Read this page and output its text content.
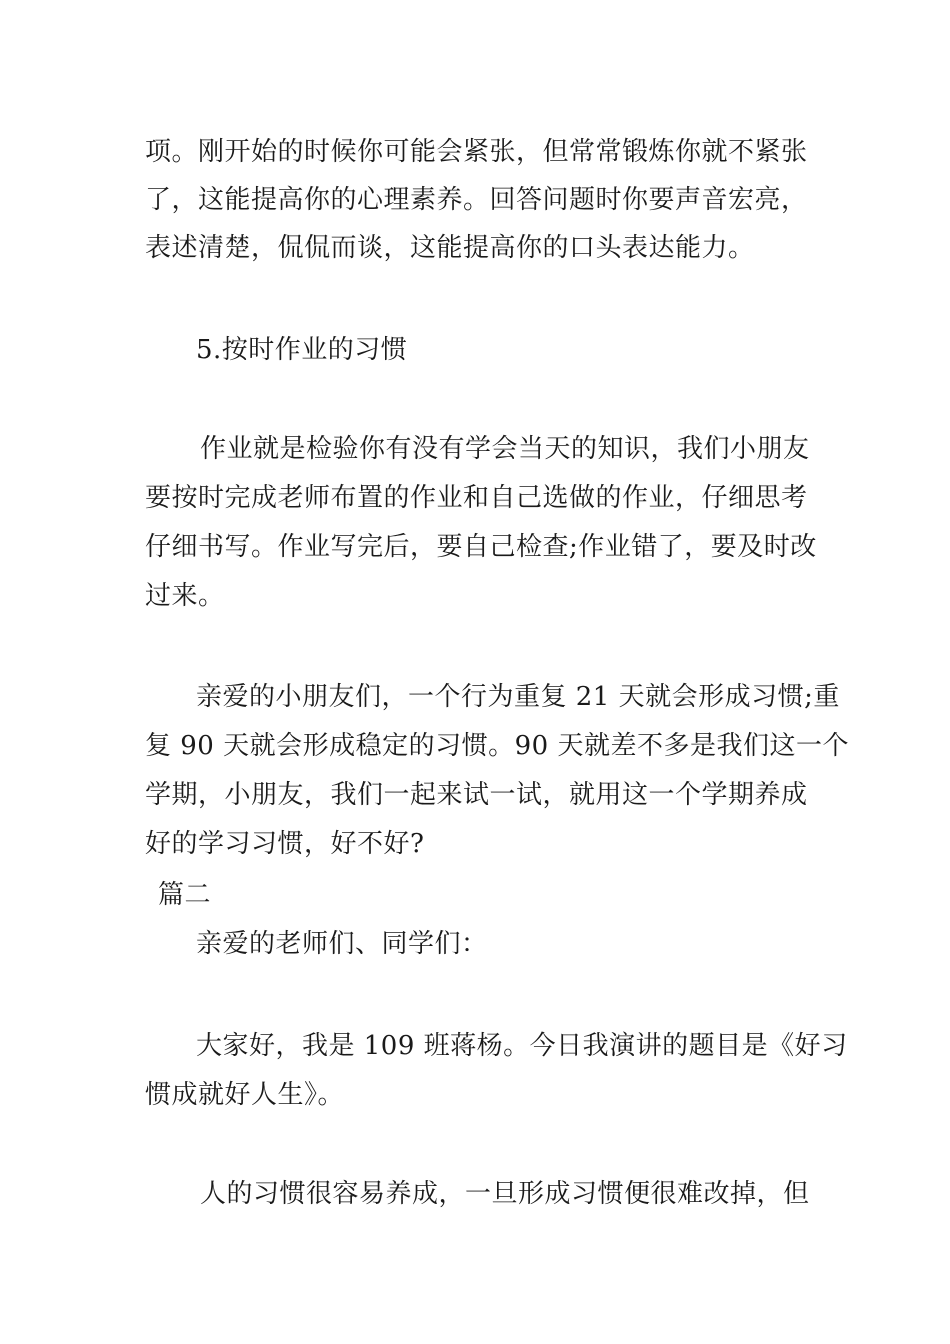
项。刚开始的时候你可能会紧张，但常常锻炼你就不紧张
了，这能提高你的心理素养。回答问题时你要声音宏亮，
表述清楚，侃侃而谈，这能提高你的口头表达能力。
5.按时作业的习惯
作业就是检验你有没有学会当天的知识，我们小朋友
要按时完成老师布置的作业和自己选做的作业，仔细思考
仔细书写。作业写完后，要自己检查;作业错了，要及时改
过来。
亲爱的小朋友们，一个行为重复 21 天就会形成习惯;重
复 90 天就会形成稳定的习惯。90 天就差不多是我们这一个
学期，小朋友，我们一起来试一试，就用这一个学期养成
好的学习习惯，好不好?
篇二
亲爱的老师们、同学们：
大家好，我是 109 班蒋杨。今日我演讲的题目是《好习
惯成就好人生》。
人的习惯很容易养成，一旦形成习惯便很难改掉，但
